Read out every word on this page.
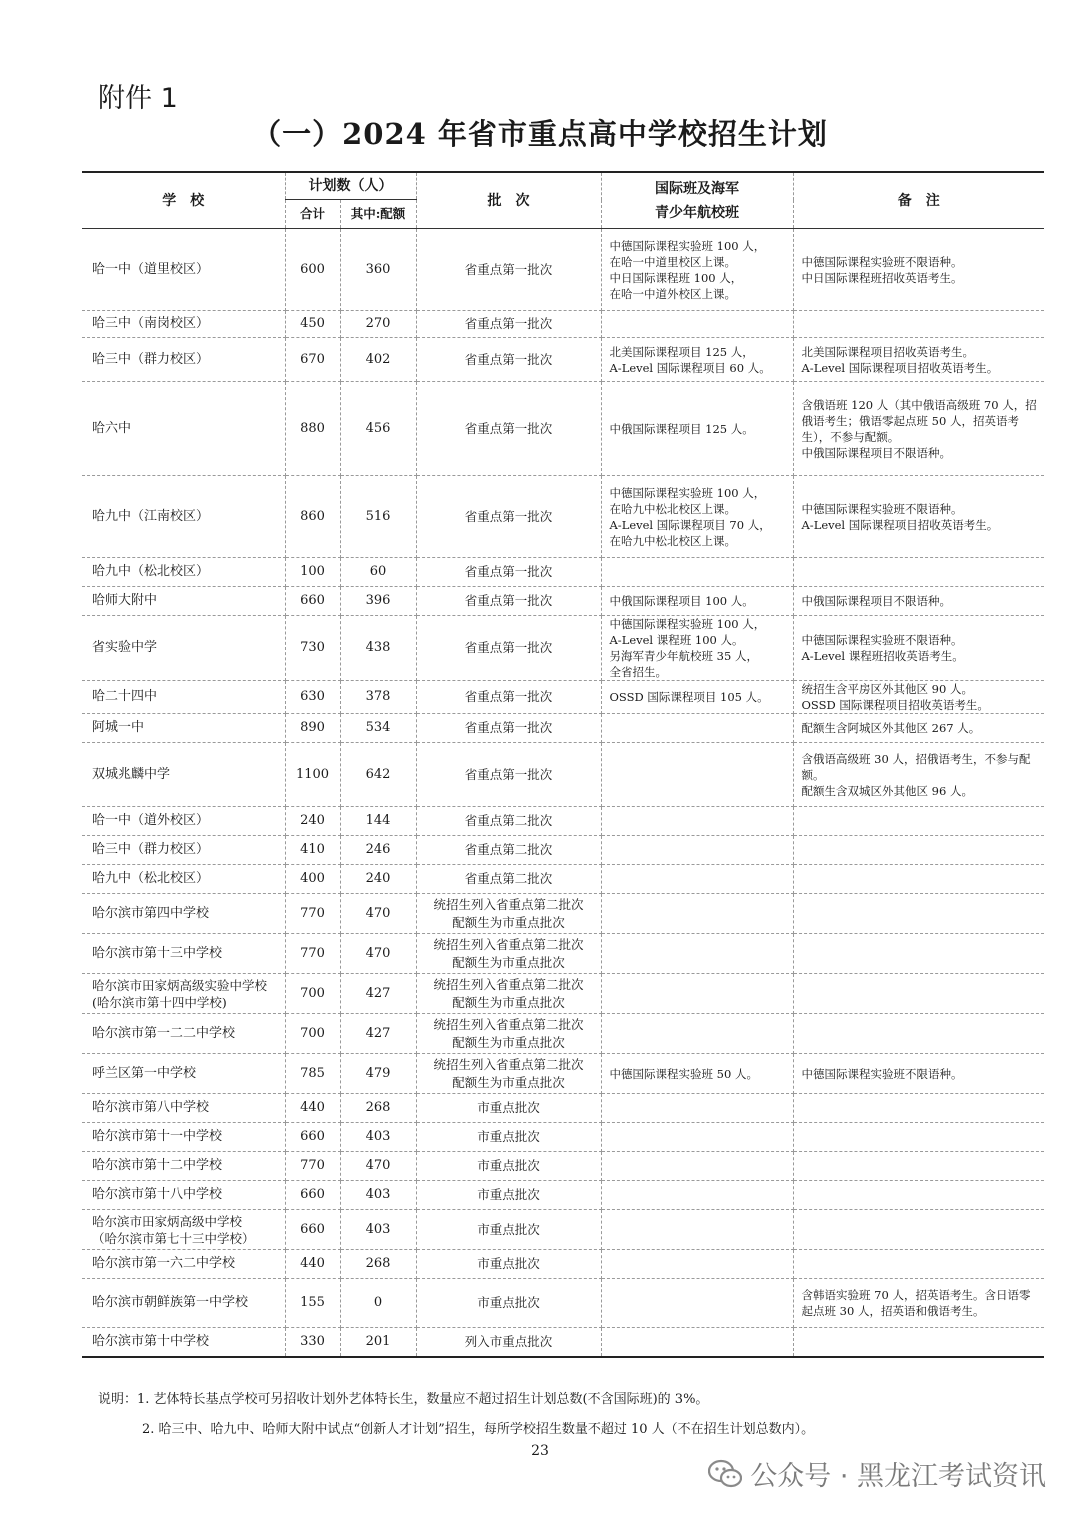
附件 1
（一）2024 年省市重点高中学校招生计划
学　校	计划数（人）		批　次	国际班及海军
青少年航校班	备　注
	合计	其中:配额			
哈一中（道里校区）	600	360	省重点第一批次	中德国际课程实验班 100 人，
在哈一中道里校区上课。
中日国际课程班 100 人，
在哈一中道外校区上课。	中德国际课程实验班不限语种。
中日国际课程班招收英语考生。
哈三中（南岗校区）	450	270	省重点第一批次		
哈三中（群力校区）	670	402	省重点第一批次	北美国际课程项目 125 人，
A-Level 国际课程项目 60 人。	北美国际课程项目招收英语考生。
A-Level 国际课程项目招收英语考生。
哈六中	880	456	省重点第一批次	中俄国际课程项目 125 人。	含俄语班 120 人（其中俄语高级班 70 人，招俄语考生；俄语零起点班 50 人，招英语考生），不参与配额。
中俄国际课程项目不限语种。
哈九中（江南校区）	860	516	省重点第一批次	中德国际课程实验班 100 人，
在哈九中松北校区上课。
A-Level 国际课程项目 70 人，
在哈九中松北校区上课。	中德国际课程实验班不限语种。
A-Level 国际课程项目招收英语考生。
哈九中（松北校区）	100	60	省重点第一批次		
哈师大附中	660	396	省重点第一批次	中俄国际课程项目 100 人。	中俄国际课程项目不限语种。
省实验中学	730	438	省重点第一批次	中德国际课程实验班 100 人，
A-Level 课程班 100 人。
另海军青少年航校班 35 人，
全省招生。	中德国际课程实验班不限语种。
A-Level 课程班招收英语考生。
哈二十四中	630	378	省重点第一批次	OSSD 国际课程项目 105 人。	统招生含平房区外其他区 90 人。
OSSD 国际课程项目招收英语考生。
阿城一中	890	534	省重点第一批次		配额生含阿城区外其他区 267 人。
双城兆麟中学	1100	642	省重点第一批次		含俄语高级班 30 人，招俄语考生，不参与配额。
配额生含双城区外其他区 96 人。
哈一中（道外校区）	240	144	省重点第二批次		
哈三中（群力校区）	410	246	省重点第二批次		
哈九中（松北校区）	400	240	省重点第二批次		
哈尔滨市第四中学校	770	470	统招生列入省重点第二批次
配额生为市重点批次		
哈尔滨市第十三中学校	770	470	统招生列入省重点第二批次
配额生为市重点批次		
哈尔滨市田家炳高级实验中学校
(哈尔滨市第十四中学校)	700	427	统招生列入省重点第二批次
配额生为市重点批次		
哈尔滨市第一二二中学校	700	427	统招生列入省重点第二批次
配额生为市重点批次		
呼兰区第一中学校	785	479	统招生列入省重点第二批次
配额生为市重点批次	中德国际课程实验班 50 人。	中德国际课程实验班不限语种。
哈尔滨市第八中学校	440	268	市重点批次		
哈尔滨市第十一中学校	660	403	市重点批次		
哈尔滨市第十二中学校	770	470	市重点批次		
哈尔滨市第十八中学校	660	403	市重点批次		
哈尔滨市田家炳高级中学校
（哈尔滨市第七十三中学校）	660	403	市重点批次		
哈尔滨市第一六二中学校	440	268	市重点批次		
哈尔滨市朝鲜族第一中学校	155	0	市重点批次		含韩语实验班 70 人，招英语考生。含日语零起点班 30 人，招英语和俄语考生。
哈尔滨市第十中学校	330	201	列入市重点批次		
说明：1. 艺体特长基点学校可另招收计划外艺体特长生，数量应不超过招生计划总数(不含国际班)的 3%。
2. 哈三中、哈九中、哈师大附中试点“创新人才计划”招生，每所学校招生数量不超过 10 人（不在招生计划总数内）。
23
公众号 · 黑龙江考试资讯
